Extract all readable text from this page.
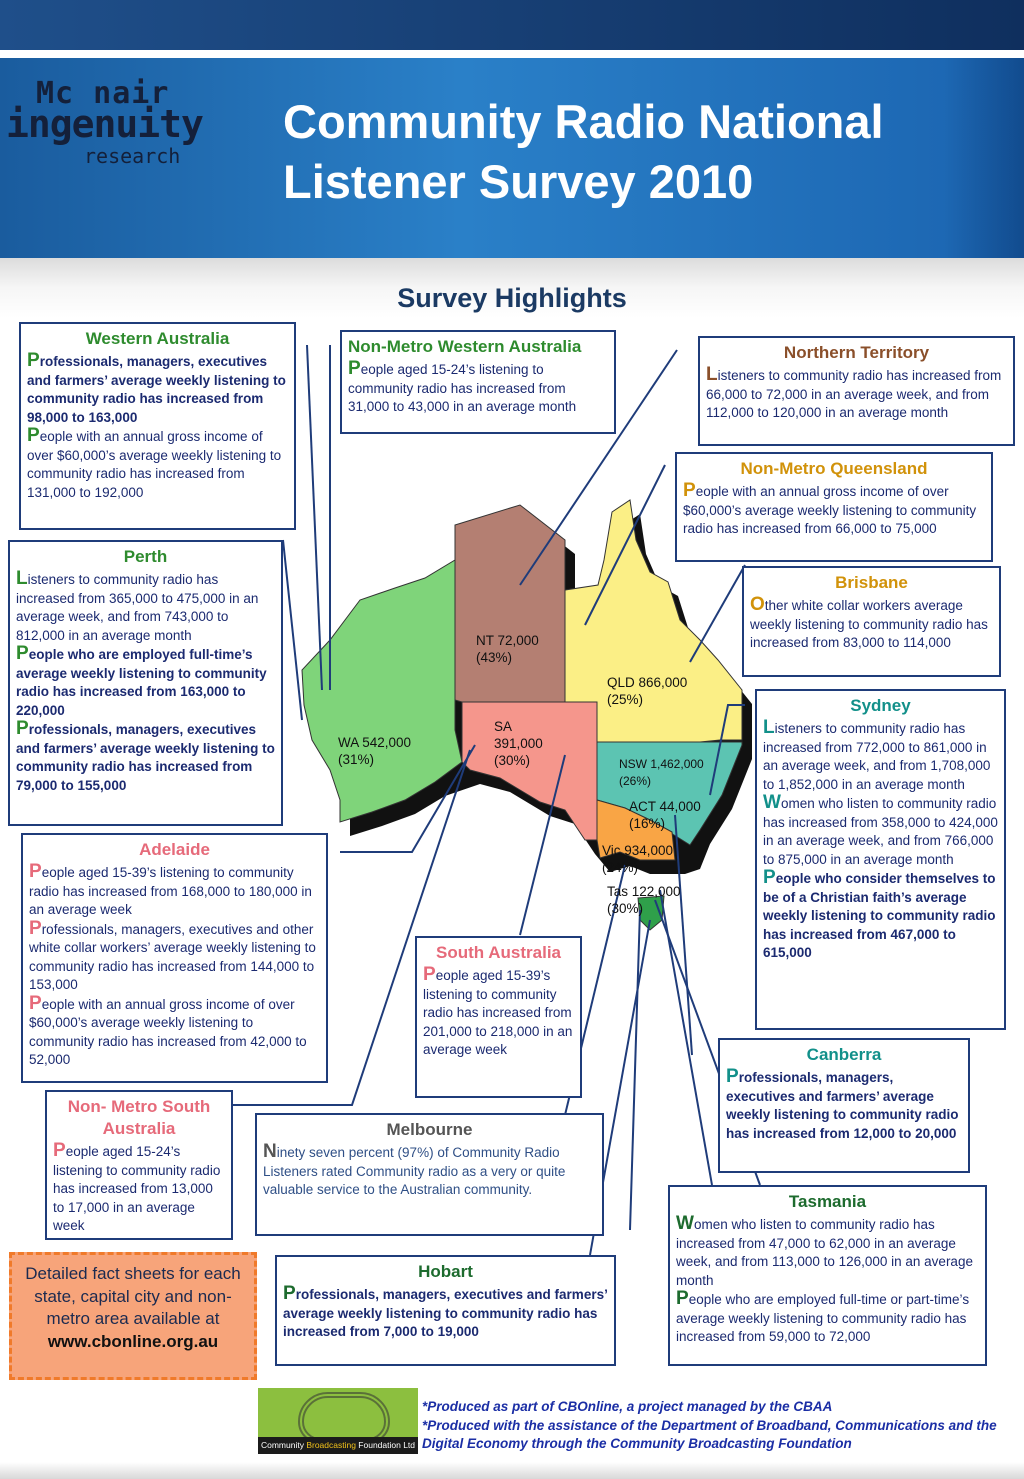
Mc nair
ingenuity
research
Community Radio National
Listener Survey 2010
Survey Highlights
NT 72,000 (43%)
WA 542,000 (31%)
SA 391,000 (30%)
QLD 866,000 (25%)
NSW 1,462,000 (26%)
ACT 44,000 (16%)
Vic 934,000 (24%)
Tas 122,000 (30%)
Western Australia

Professionals, managers, executives and farmers’ average weekly listening to community radio has increased from 98,000 to 163,000

People with an annual gross income of over $60,000’s average weekly listening to community radio has increased from 131,000 to 192,000

Non-Metro Western Australia

People aged 15-24’s listening to community radio has increased from 31,000 to 43,000 in an average month

Northern Territory

Listeners to community radio has increased from 66,000 to 72,000 in an average week, and from 112,000 to 120,000 in an average month

Non-Metro Queensland

People with an annual gross income of over $60,000’s average weekly listening to community radio has increased from 66,000 to 75,000

Brisbane

Other white collar workers average weekly listening to community radio has increased from 83,000 to 114,000

Perth

Listeners to community radio has increased from 365,000 to 475,000 in an average week, and from 743,000 to 812,000 in an average month

People who are employed full-time’s average weekly listening to community radio has increased from 163,000 to 220,000

Professionals, managers, executives and farmers’ average weekly listening to community radio has increased from 79,000 to 155,000

Sydney

Listeners to community radio has increased from 772,000 to 861,000 in an average week, and from 1,708,000 to 1,852,000 in an average month

Women who listen to community radio has increased from 358,000 to 424,000 in an average week, and from 766,000 to 875,000 in an average month

People who consider themselves to be of a Christian faith’s average weekly listening to community radio has increased from 467,000 to 615,000

Adelaide

People aged 15-39’s listening to community radio has increased from 168,000 to 180,000 in an average week

Professionals, managers, executives and other white collar workers’ average weekly listening to community radio has increased from 144,000 to 153,000

People with an annual gross income of over $60,000’s average weekly listening to community radio has increased from 42,000 to 52,000

South Australia

People aged 15-39’s listening to community radio has increased from 201,000 to 218,000 in an average week	Canberra

Professionals, managers, executives and farmers’ average weekly listening to community radio has increased from 12,000 to 20,000

Non- Metro South Australia

People aged 15-24’s listening to community radio has increased from 13,000 to 17,000 in an average week

Melbourne

Ninety seven percent (97%) of Community Radio Listeners rated Community radio as a very or quite valuable service to the Australian community.

Tasmania

Women who listen to community radio has increased from 47,000 to 62,000 in an average week, and from 113,000 to 126,000 in an average month

People who are employed full-time or part-time’s average weekly listening to community radio has increased from 59,000 to 72,000

Hobart

Professionals, managers, executives and farmers’ average weekly listening to community radio has increased from 7,000 to 19,000

Detailed fact sheets for each state, capital city and non-metro area available at
www.cbonline.org.au
Community Broadcasting Foundation Ltd
*Produced as part of CBOnline, a project managed by the CBAA
*Produced with the assistance of the Department of Broadband, Communications and the Digital Economy through the Community Broadcasting Foundation
